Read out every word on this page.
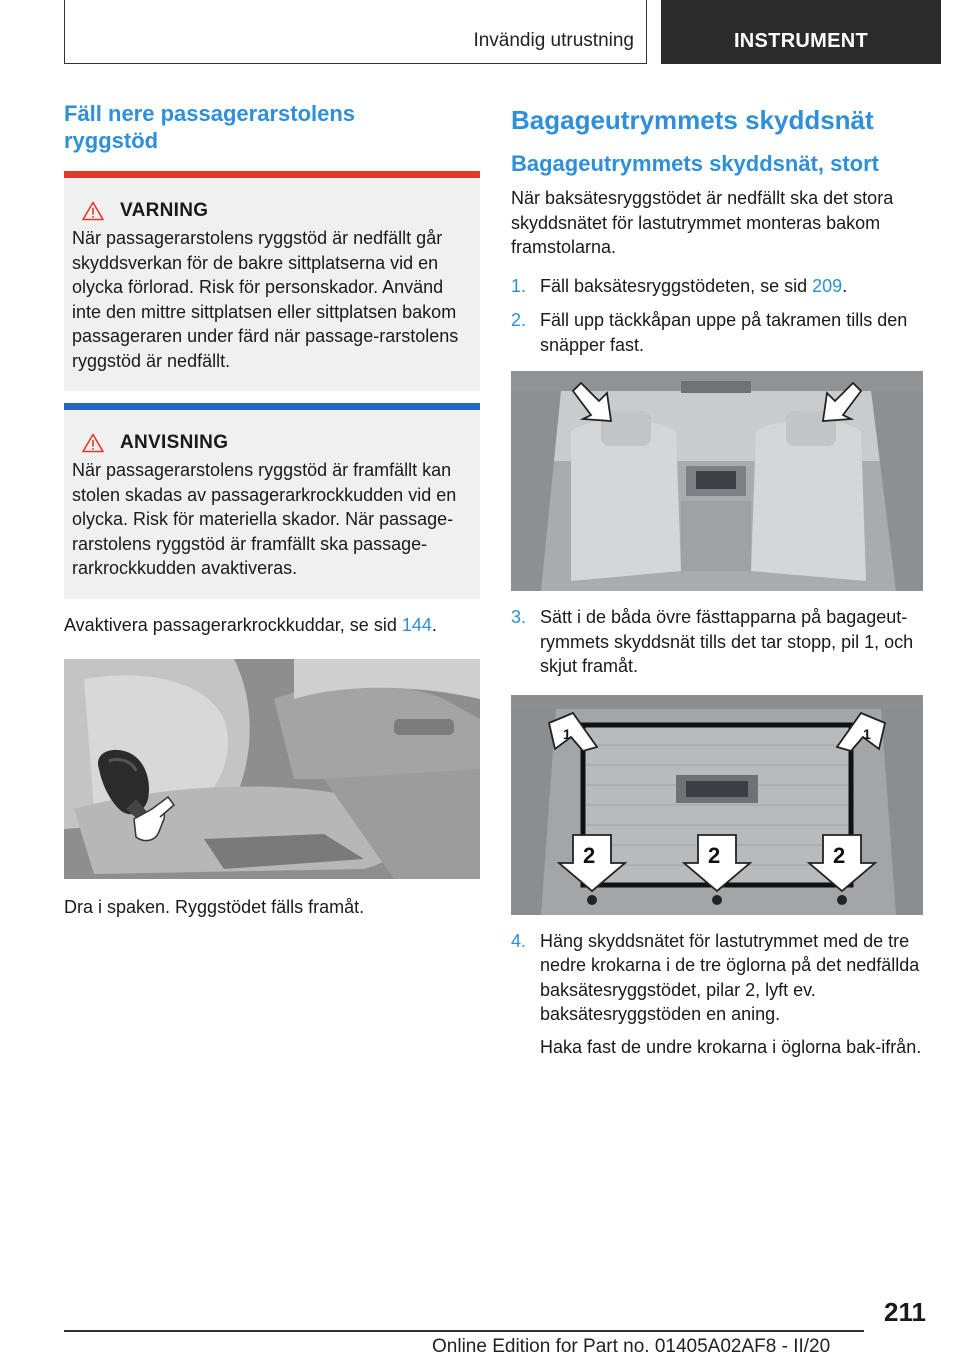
Invändig utrustning	INSTRUMENT
Fäll nere passagerarstolens ryggstöd
VARNING

När passagerarstolens ryggstöd är nedfällt går skyddsverkan för de bakre sittplatserna vid en olycka förlorad. Risk för personskador. Använd inte den mittre sittplatsen eller sittplatsen bakom passageraren under färd när passage‐rarstolens ryggstöd är nedfällt.

ANVISNING

När passagerarstolens ryggstöd är framfällt kan stolen skadas av passagerarkrockkudden vid en olycka. Risk för materiella skador. När passage‐rarstolens ryggstöd är framfällt ska passage‐rarkrockkudden avaktiveras.

Avaktivera passagerarkrockkuddar, se sid 144.

Dra i spaken. Ryggstödet fälls framåt.

Bagageutrymmets skyddsnät
Bagageutrymmets skyddsnät, stort

När baksätesryggstödet är nedfällt ska det stora skyddsnätet för lastutrymmet monteras bakom framstolarna.

1. Fäll baksätesryggstödeten, se sid 209.
2. Fäll upp täckkåpan uppe på takramen tills den snäpper fast.
3. Sätt i de båda övre fästtapparna på bagageut‐rymmets skyddsnät tills det tar stopp, pil 1, och skjut framåt.
1	1
2	2	2
4. Häng skyddsnätet för lastutrymmet med de tre nedre krokarna i de tre öglorna på det nedfällda baksätesryggstödet, pilar 2, lyft ev. baksätesryggstöden en aning.
Haka fast de undre krokarna i öglorna bak‐ifrån.
211
Online Edition for Part no. 01405A02AF8 - II/20
